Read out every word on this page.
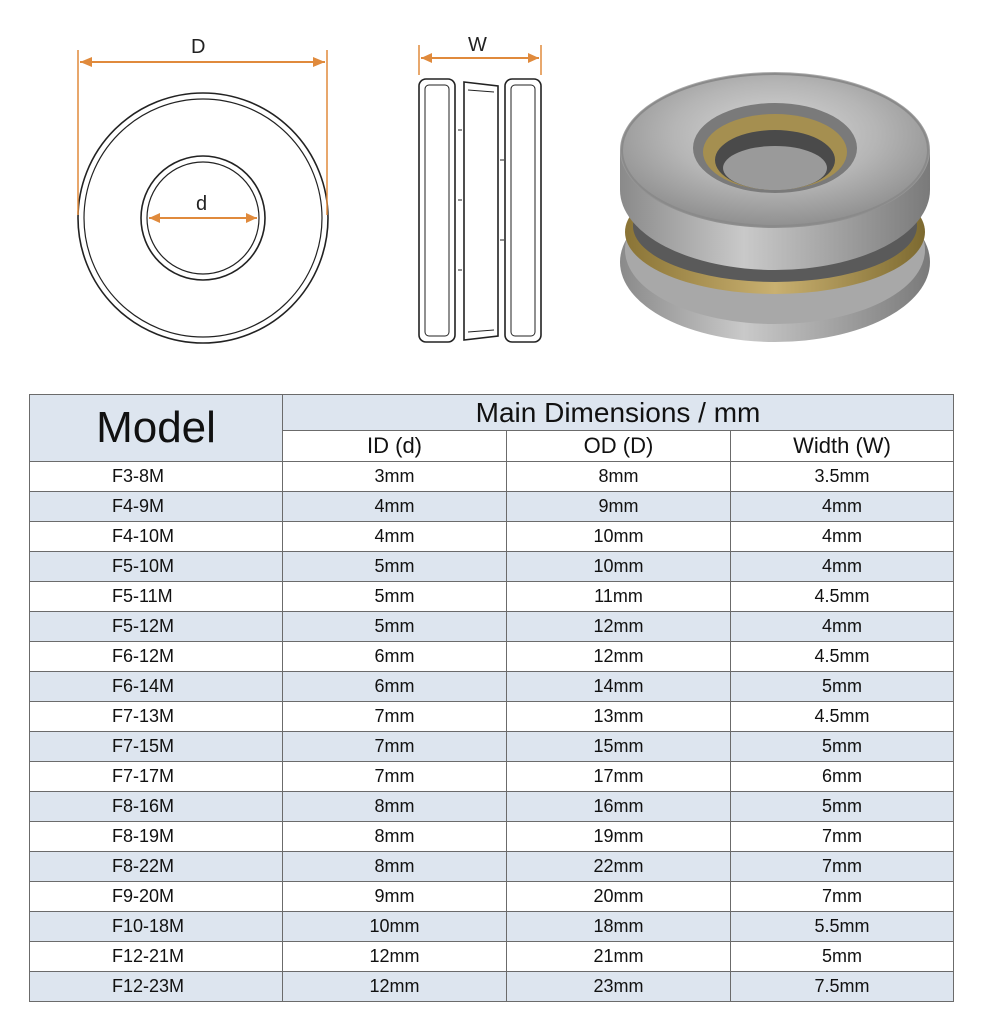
D
d
W
Model	Main Dimensions / mm		
	ID (d)	OD (D)	Width (W)
F3-8M	3mm	8mm	3.5mm
F4-9M	4mm	9mm	4mm
F4-10M	4mm	10mm	4mm
F5-10M	5mm	10mm	4mm
F5-11M	5mm	11mm	4.5mm
F5-12M	5mm	12mm	4mm
F6-12M	6mm	12mm	4.5mm
F6-14M	6mm	14mm	5mm
F7-13M	7mm	13mm	4.5mm
F7-15M	7mm	15mm	5mm
F7-17M	7mm	17mm	6mm
F8-16M	8mm	16mm	5mm
F8-19M	8mm	19mm	7mm
F8-22M	8mm	22mm	7mm
F9-20M	9mm	20mm	7mm
F10-18M	10mm	18mm	5.5mm
F12-21M	12mm	21mm	5mm
F12-23M	12mm	23mm	7.5mm
